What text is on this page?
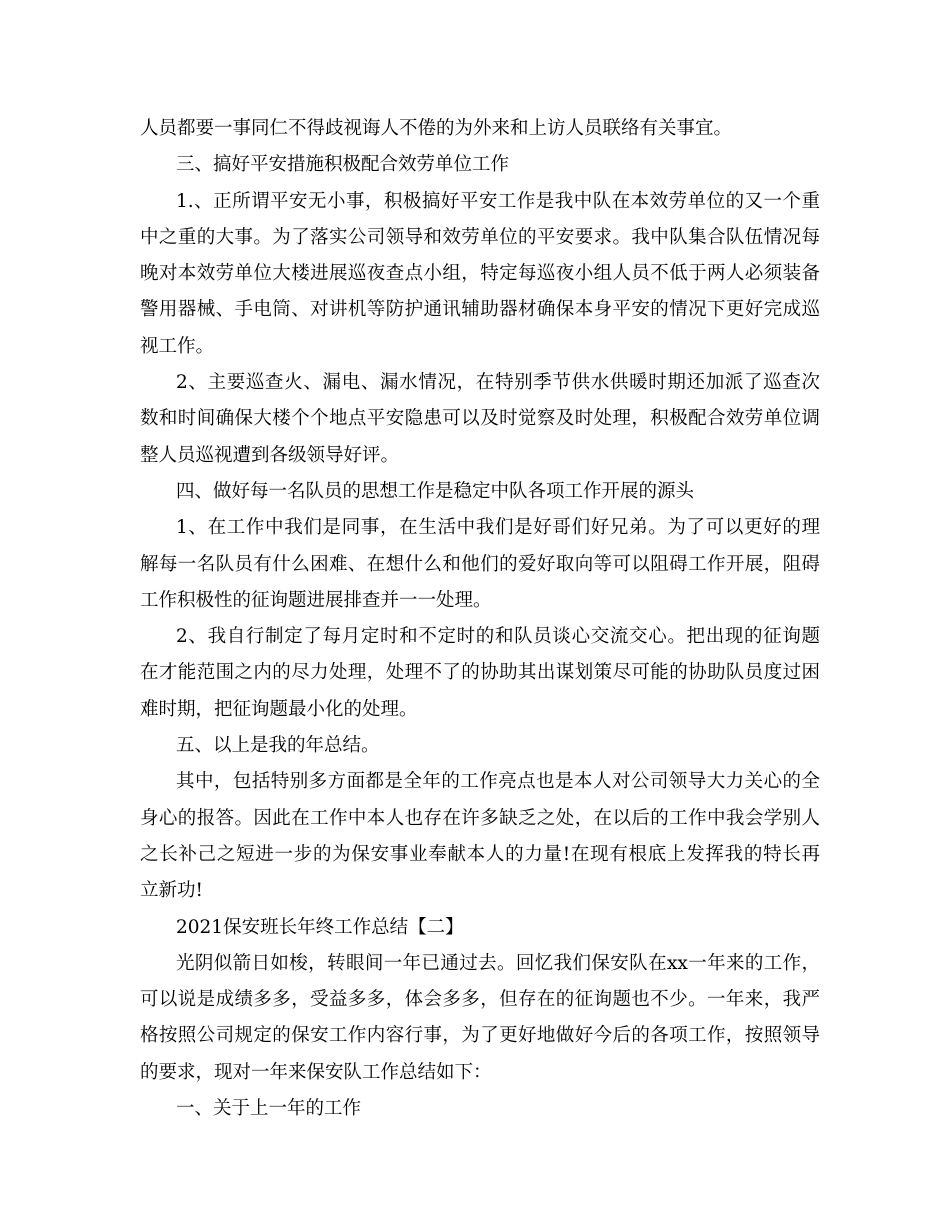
人员都要一事同仁不得歧视诲人不倦的为外来和上访人员联络有关事宜。
三、搞好平安措施积极配合效劳单位工作
1.、正所谓平安无小事，积极搞好平安工作是我中队在本效劳单位的又一个重
中之重的大事。为了落实公司领导和效劳单位的平安要求。我中队集合队伍情况每
晚对本效劳单位大楼进展巡夜查点小组，特定每巡夜小组人员不低于两人必须装备
警用器械、手电筒、对讲机等防护通讯辅助器材确保本身平安的情况下更好完成巡
视工作。
2、主要巡查火、漏电、漏水情况，在特别季节供水供暖时期还加派了巡查次
数和时间确保大楼个个地点平安隐患可以及时觉察及时处理，积极配合效劳单位调
整人员巡视遭到各级领导好评。
四、做好每一名队员的思想工作是稳定中队各项工作开展的源头
1、在工作中我们是同事，在生活中我们是好哥们好兄弟。为了可以更好的理
解每一名队员有什么困难、在想什么和他们的爱好取向等可以阻碍工作开展，阻碍
工作积极性的征询题进展排查并一一处理。
2、我自行制定了每月定时和不定时的和队员谈心交流交心。把出现的征询题
在才能范围之内的尽力处理，处理不了的协助其出谋划策尽可能的协助队员度过困
难时期，把征询题最小化的处理。
五、以上是我的年总结。
其中，包括特别多方面都是全年的工作亮点也是本人对公司领导大力关心的全
身心的报答。因此在工作中本人也存在许多缺乏之处，在以后的工作中我会学别人
之长补己之短进一步的为保安事业奉献本人的力量!在现有根底上发挥我的特长再
立新功!
2021保安班长年终工作总结【二】
光阴似箭日如梭，转眼间一年已通过去。回忆我们保安队在xx一年来的工作，
可以说是成绩多多，受益多多，体会多多，但存在的征询题也不少。一年来，我严
格按照公司规定的保安工作内容行事，为了更好地做好今后的各项工作，按照领导
的要求，现对一年来保安队工作总结如下：
一、关于上一年的工作
